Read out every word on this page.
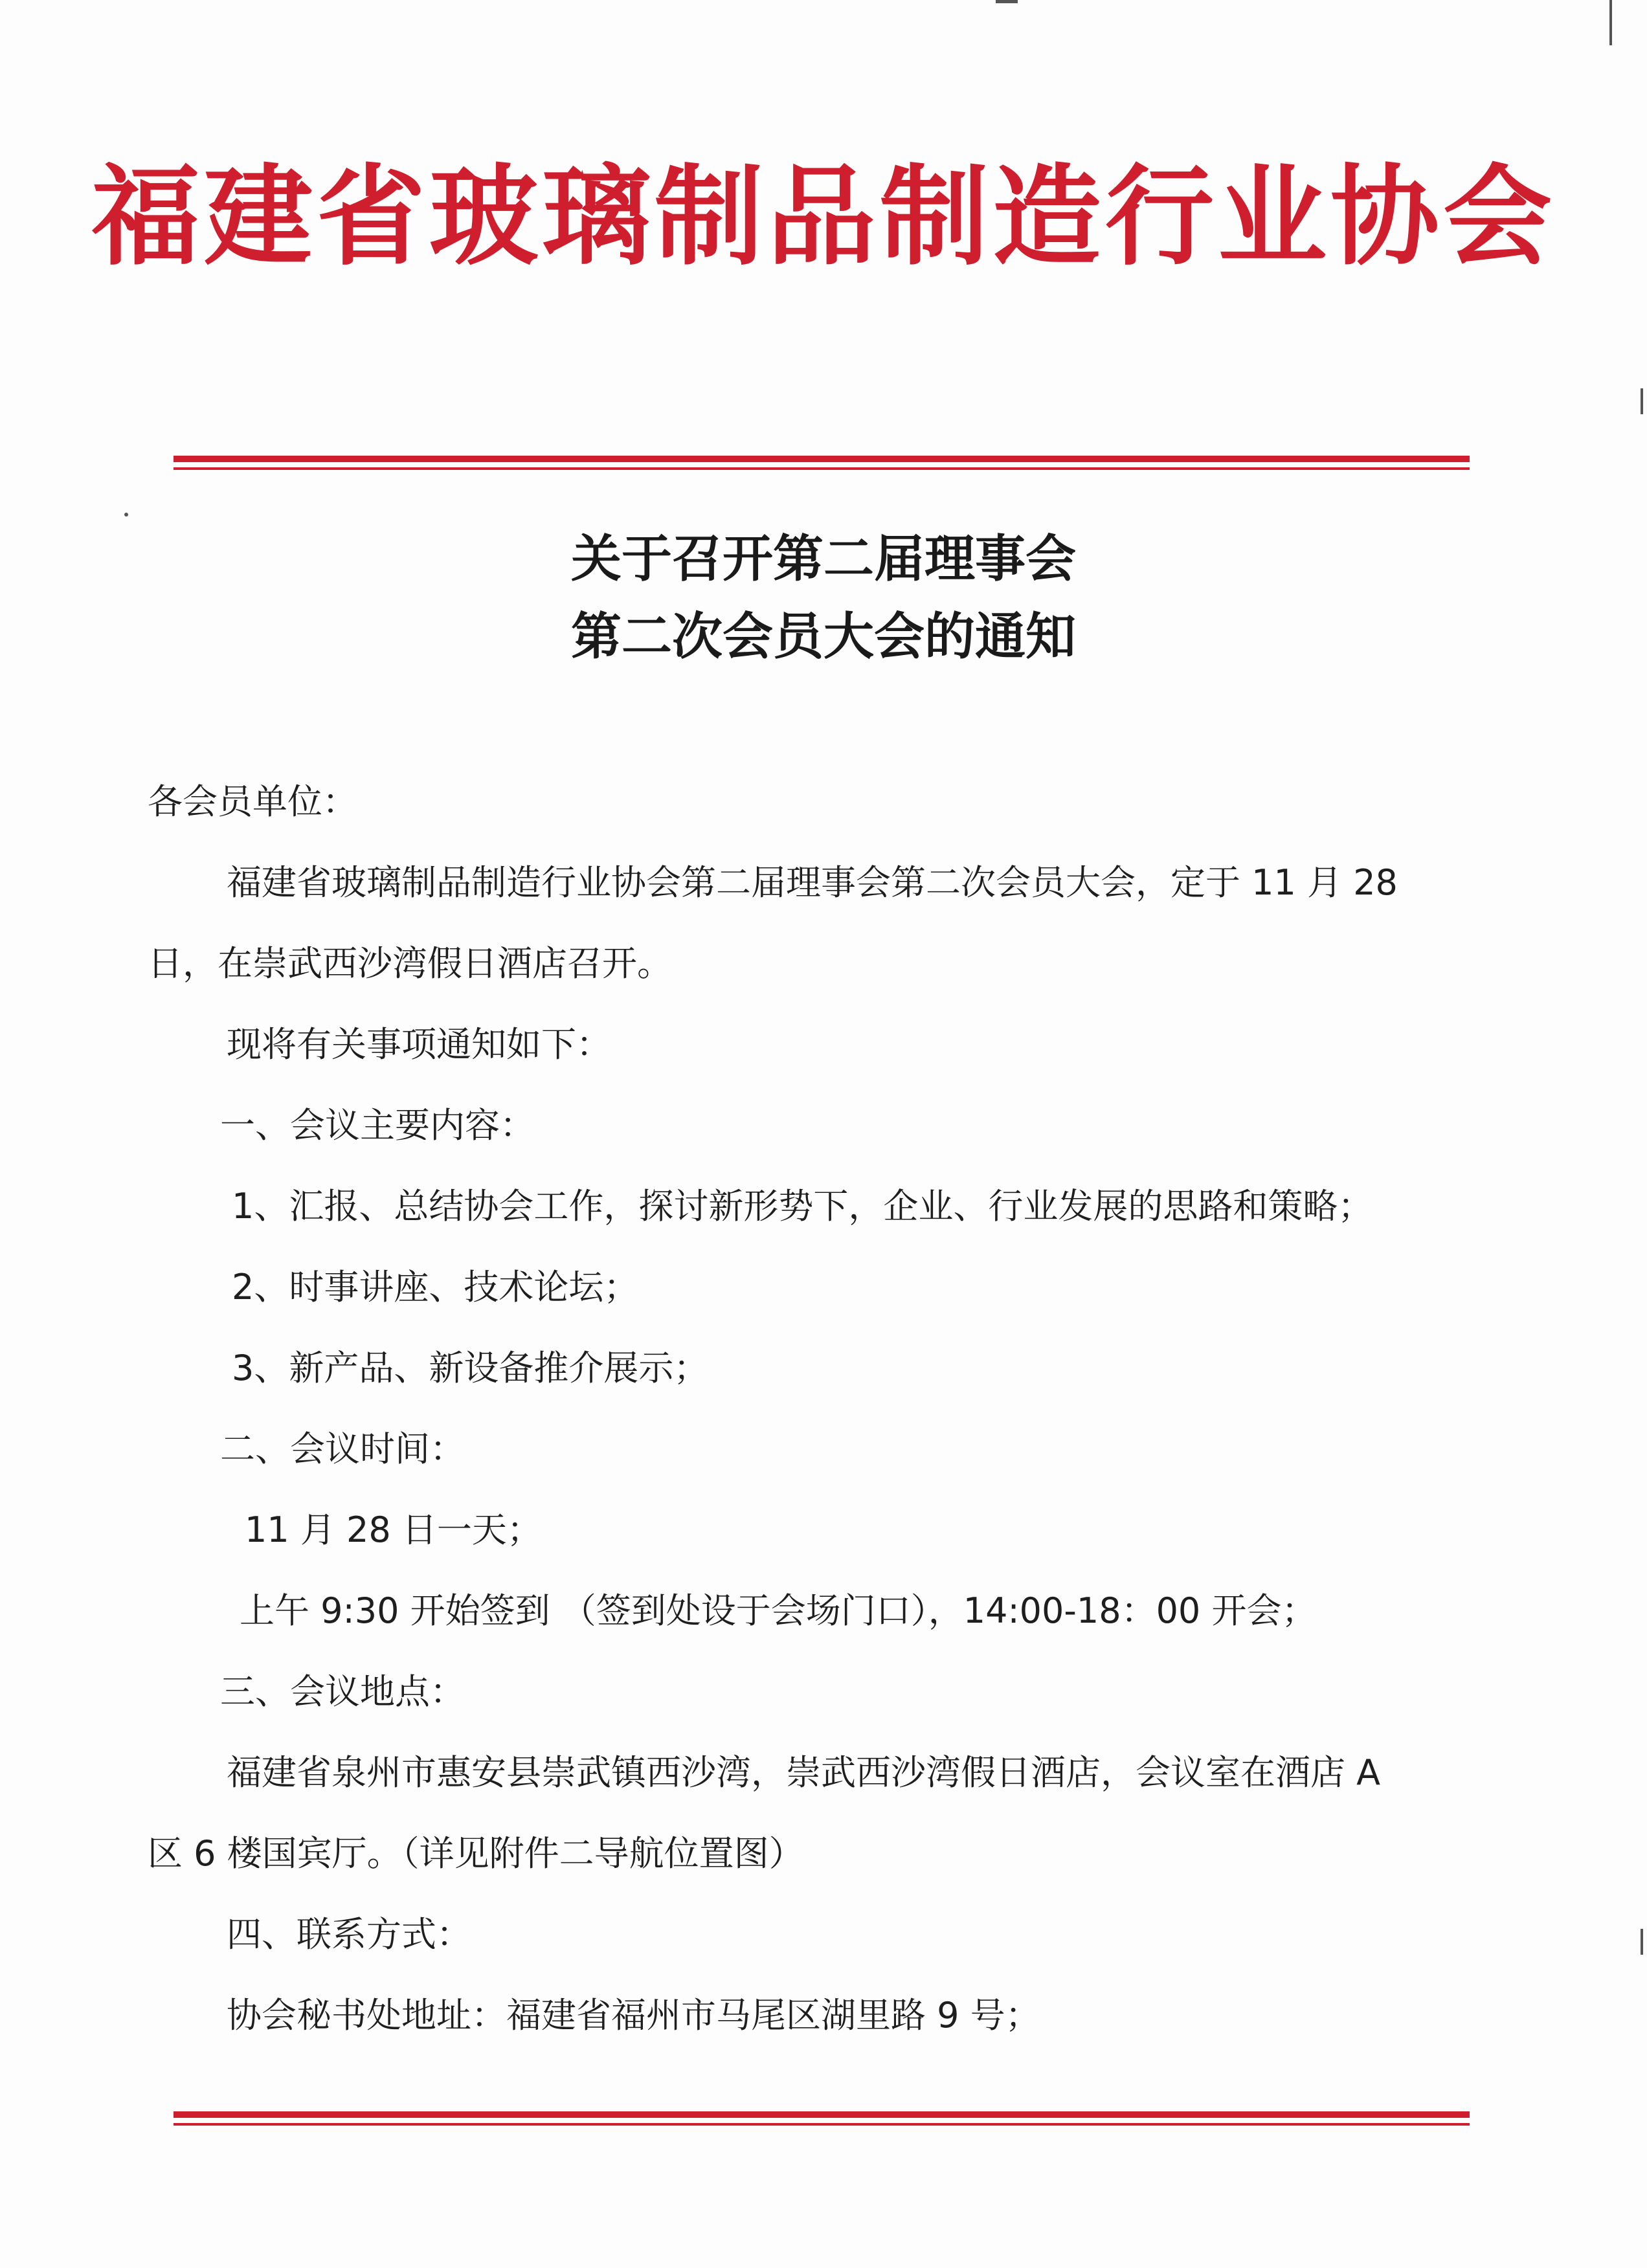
福建省玻璃制品制造行业协会
关于召开第二届理事会
第二次会员大会的通知
各会员单位：
福建省玻璃制品制造行业协会第二届理事会第二次会员大会，定于 11 月 28
日，在崇武西沙湾假日酒店召开。
现将有关事项通知如下：
一、会议主要内容：
1、汇报、总结协会工作，探讨新形势下，企业、行业发展的思路和策略；
2、时事讲座、技术论坛；
3、新产品、新设备推介展示；
二、会议时间：
11 月 28 日一天；
上午 9:30 开始签到 （签到处设于会场门口），14:00-18：00 开会；
三、会议地点：
福建省泉州市惠安县崇武镇西沙湾，崇武西沙湾假日酒店，会议室在酒店 A
区 6 楼国宾厅。（详见附件二导航位置图）
四、联系方式：
协会秘书处地址：福建省福州市马尾区湖里路 9 号；
